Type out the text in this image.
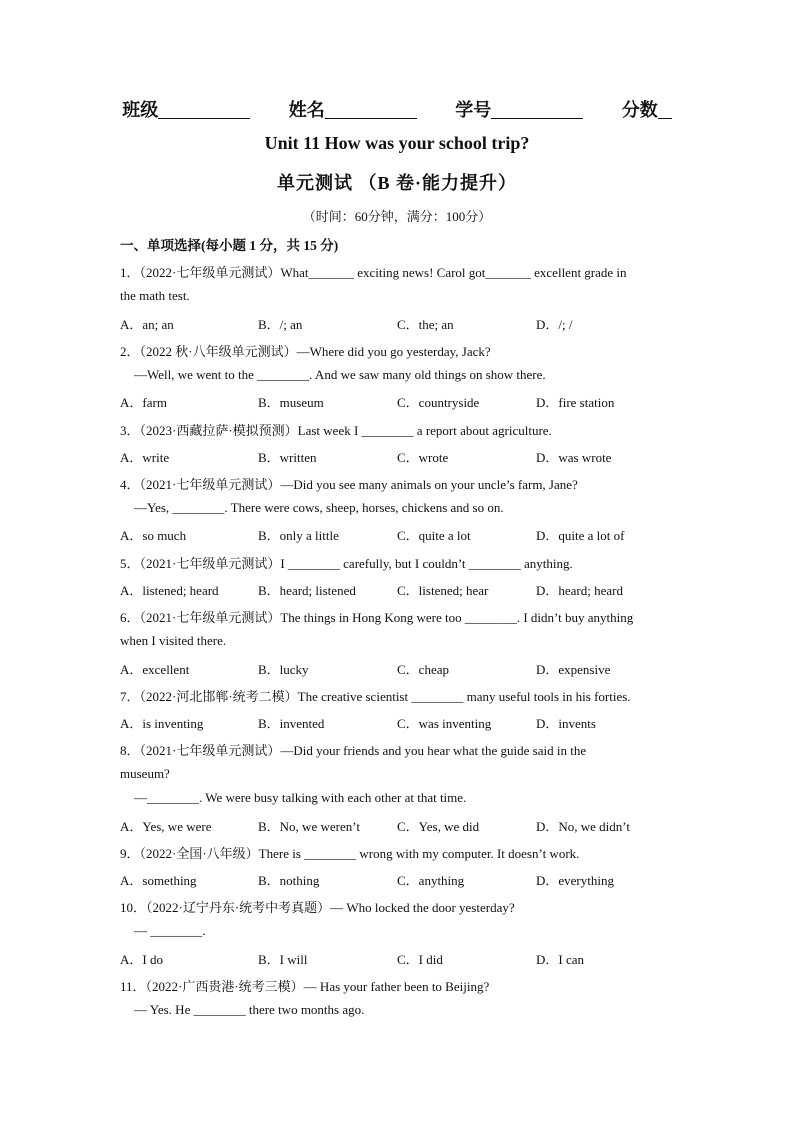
班级	姓名	学号	分数
Unit 11 How was your school trip?
单元测试 （B 卷·能力提升）
（时间：60分钟，满分：100分）
一、单项选择(每小题 1 分，共 15 分)
1．（2022·七年级单元测试）What_______ exciting news! Carol got_______ excellent grade in
the math test.
A．an; an	B．/; an	C．the; an	D．/; /
2．（2022 秋·八年级单元测试）—Where did you go yesterday, Jack?
—Well, we went to the ________. And we saw many old things on show there.
A．farm	B．museum	C．countryside	D．fire station
3．（2023·西藏拉萨·模拟预测）Last week I ________ a report about agriculture.
A．write	B．written	C．wrote	D．was wrote
4．（2021·七年级单元测试）—Did you see many animals on your uncle’s farm, Jane?
—Yes, ________. There were cows, sheep, horses, chickens and so on.
A．so much	B．only a little	C．quite a lot	D．quite a lot of
5．（2021·七年级单元测试）I ________ carefully, but I couldn’t ________ anything.
A．listened; heard	B．heard; listened	C．listened; hear	D．heard; heard
6．（2021·七年级单元测试）The things in Hong Kong were too ________. I didn’t buy anything
when I visited there.
A．excellent	B．lucky	C．cheap	D．expensive
7．（2022·河北邯郸·统考二模）The creative scientist ________ many useful tools in his forties.
A．is inventing	B．invented	C．was inventing	D．invents
8．（2021·七年级单元测试）—Did your friends and you hear what the guide said in the
museum?
—________. We were busy talking with each other at that time.
A．Yes, we were	B．No, we weren’t	C．Yes, we did	D．No, we didn’t
9．（2022·全国·八年级）There is ________ wrong with my computer. It doesn’t work.
A．something	B．nothing	C．anything	D．everything
10．（2022·辽宁丹东·统考中考真题）— Who locked the door yesterday?
— ________.
A．I do	B．I will	C．I did	D．I can
11．（2022·广西贵港·统考三模）— Has your father been to Beijing?
— Yes. He ________ there two months ago.
